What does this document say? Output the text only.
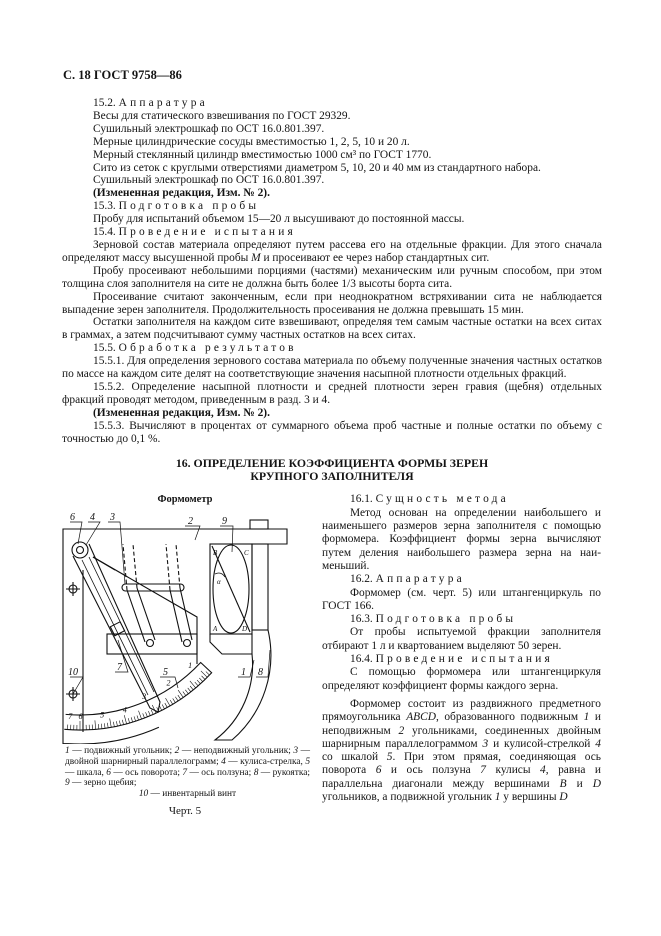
С. 18 ГОСТ 9758—86

15.2. Аппаратура

Весы для статического взвешивания по ГОСТ 29329.

Сушильный электрошкаф по ОСТ 16.0.801.397.

Мерные цилиндрические сосуды вместимостью 1, 2, 5, 10 и 20 л.

Мерный стеклянный цилиндр вместимостью 1000 см³ по ГОСТ 1770.

Сито из сеток с круглыми отверстиями диаметром 5, 10, 20 и 40 мм из стандартного набора.

Сушильный электрошкаф по ОСТ 16.0.801.397.

(Измененная редакция, Изм. № 2).

15.3. Подготовка пробы

Пробу для испытаний объемом 15—20 л высушивают до постоянной массы.

15.4. Проведение испытания

Зерновой состав материала определяют путем рассева его на отдельные фракции. Для этого сначала определяют массу высушенной пробы M и просеивают ее через набор стандартных сит.

Пробу просеивают небольшими порциями (частями) механическим или ручным способом, при этом толщина слоя заполнителя на сите не должна быть более 1/3 высоты борта сита.

Просеивание считают законченным, если при неоднократном встряхивании сита не наблюдается выпадение зерен заполнителя. Продолжительность просеивания не должна превышать 15 мин.

Остатки заполнителя на каждом сите взвешивают, определяя тем самым частные остатки на всех ситах в граммах, а затем подсчитывают сумму частных остатков на всех ситах.

15.5. Обработка результатов

15.5.1. Для определения зернового состава материала по объему полученные значения частных остатков по массе на каждом сите делят на соответствующие значения насыпной плотности отдельных фракций.

15.5.2. Определение насыпной плотности и средней плотности зерен гравия (щебня) отдельных фракций проводят методом, приведенным в разд. 3 и 4.

(Измененная редакция, Изм. № 2).

15.5.3. Вычисляют в процентах от суммарного объема проб частные и полные остатки по объему с точностью до 0,1 %.

16. ОПРЕДЕЛЕНИЕ КОЭФФИЦИЕНТА ФОРМЫ ЗЕРЕН
КРУПНОГО ЗАПОЛНИТЕЛЯ
Формометр
7 6 5
4
3
2
1
6 4 3	2	9
10	7	5	1 8
B	C
A	D
α
1 — подвижный угольник; 2 — неподвижный угольник; 3 — двойной шарнирный параллелограмм; 4 — кулиса-стрелка, 5 — шкала, 6 — ось поворота; 7 — ось ползуна; 8 — рукоятка; 9 — зерно щебия;
10 — инвентарный винт
Черт. 5

16.1. Сущность метода

Метод основан на определении наибольшего и наименьшего размеров зерна заполнителя с помощью формомера. Коэффициент формы зерна вычисляют путем деления наибольшего размера зерна на наименьший.

16.2. Аппаратура

Формомер (см. черт. 5) или штангенциркуль по ГОСТ 166.

16.3. Подготовка пробы

От пробы испытуемой фракции заполнителя отбирают 1 л и квартованием выделяют 50 зерен.

16.4. Проведение испытания

С помощью формомера или штангенциркуля определяют коэффициент формы каждого зерна.

Формомер состоит из раздвижного предметного прямоугольника ABCD, образованного подвижным 1 и неподвижным 2 угольниками, соединенных двойным шарнирным параллелограммом 3 и кулисой-стрелкой 4 со шкалой 5. При этом прямая, соединяющая ось поворота 6 и ось ползуна 7 кулисы 4, равна и параллельна диагонали между вершинами B и D угольников, а подвижной угольник 1 у вершины D
